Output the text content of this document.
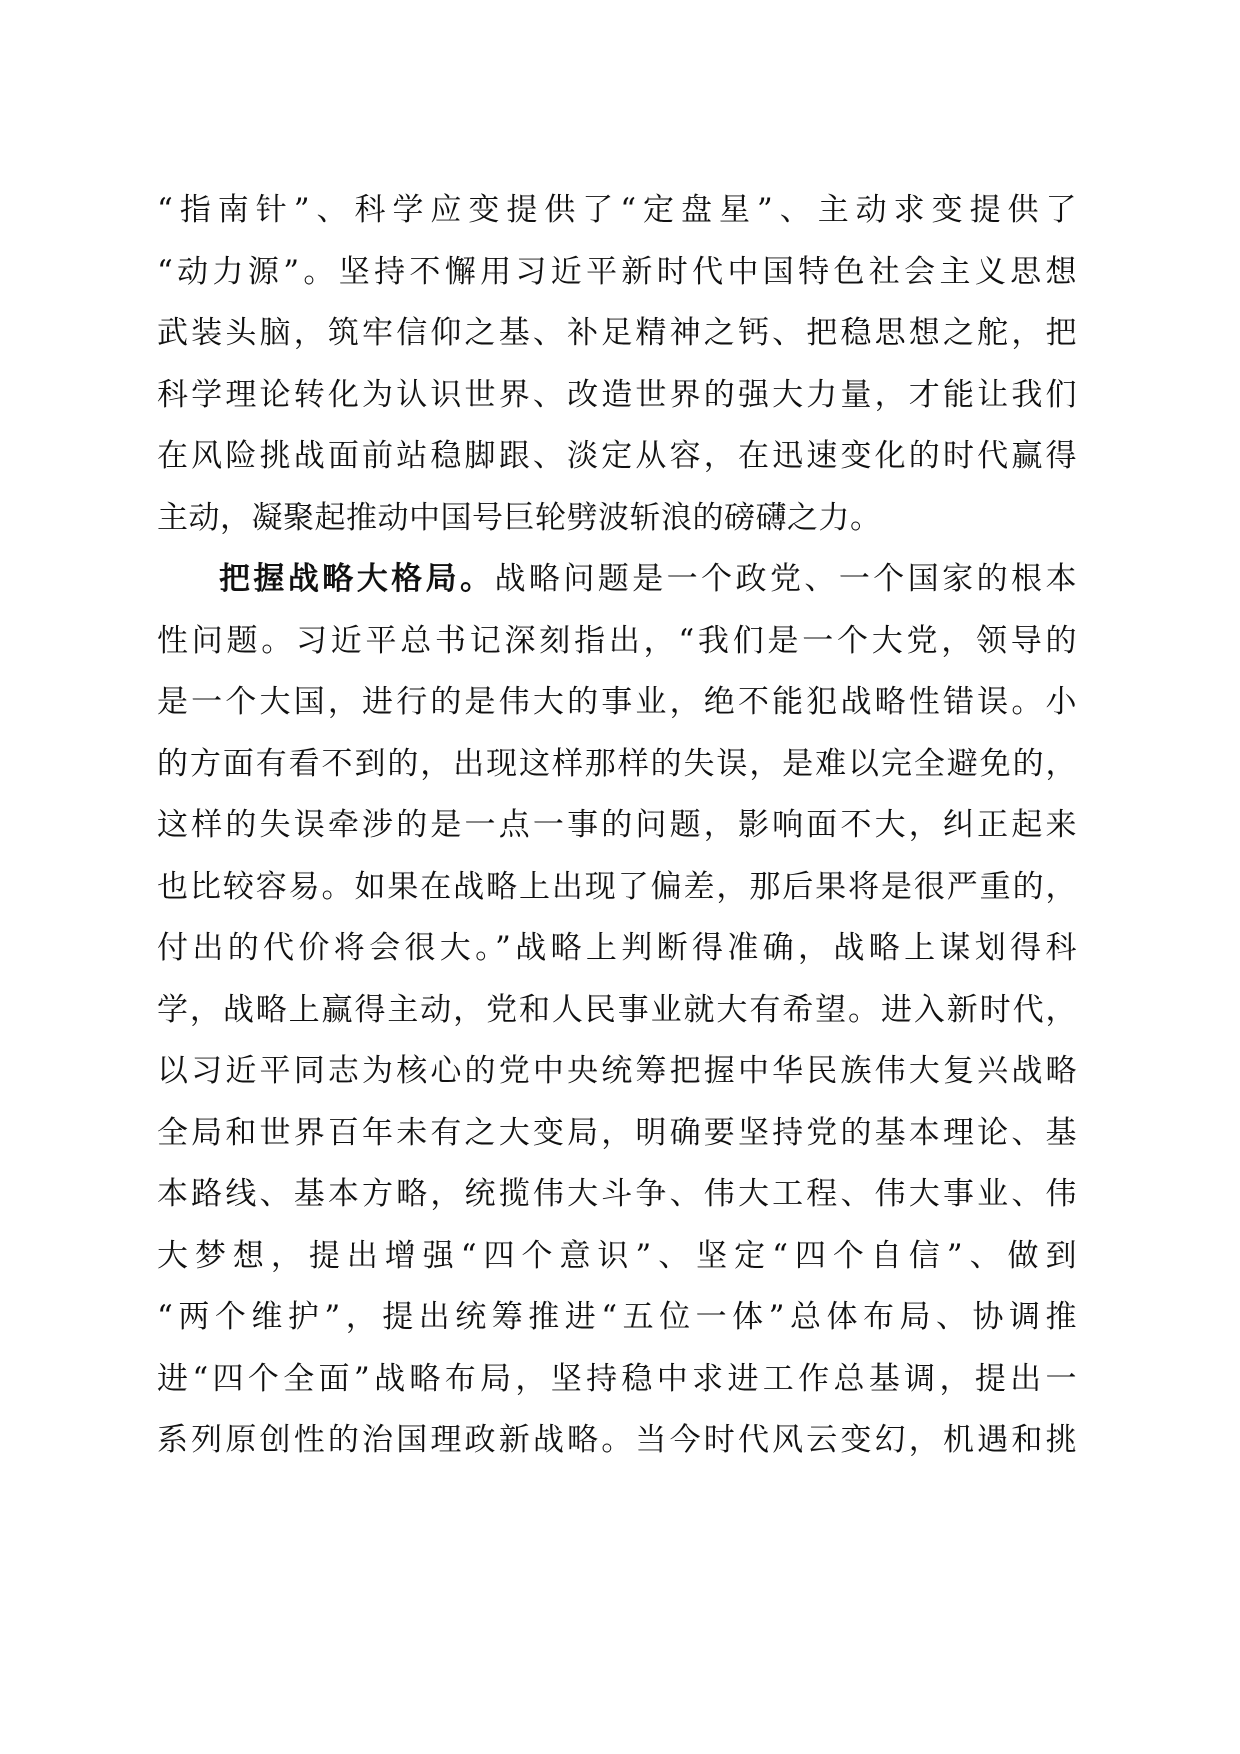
“指南针”、科学应变提供了“定盘星”、主动求变提供了
“动力源”。坚持不懈用习近平新时代中国特色社会主义思想
武装头脑，筑牢信仰之基、补足精神之钙、把稳思想之舵，把
科学理论转化为认识世界、改造世界的强大力量，才能让我们
在风险挑战面前站稳脚跟、淡定从容，在迅速变化的时代赢得
主动，凝聚起推动中国号巨轮劈波斩浪的磅礴之力。
把握战略大格局。战略问题是一个政党、一个国家的根本
性问题。习近平总书记深刻指出，“我们是一个大党，领导的
是一个大国，进行的是伟大的事业，绝不能犯战略性错误。小
的方面有看不到的，出现这样那样的失误，是难以完全避免的，
这样的失误牵涉的是一点一事的问题，影响面不大，纠正起来
也比较容易。如果在战略上出现了偏差，那后果将是很严重的，
付出的代价将会很大。”战略上判断得准确，战略上谋划得科
学，战略上赢得主动，党和人民事业就大有希望。进入新时代，
以习近平同志为核心的党中央统筹把握中华民族伟大复兴战略
全局和世界百年未有之大变局，明确要坚持党的基本理论、基
本路线、基本方略，统揽伟大斗争、伟大工程、伟大事业、伟
大梦想，提出增强“四个意识”、坚定“四个自信”、做到
“两个维护”，提出统筹推进“五位一体”总体布局、协调推
进“四个全面”战略布局，坚持稳中求进工作总基调，提出一
系列原创性的治国理政新战略。当今时代风云变幻，机遇和挑
